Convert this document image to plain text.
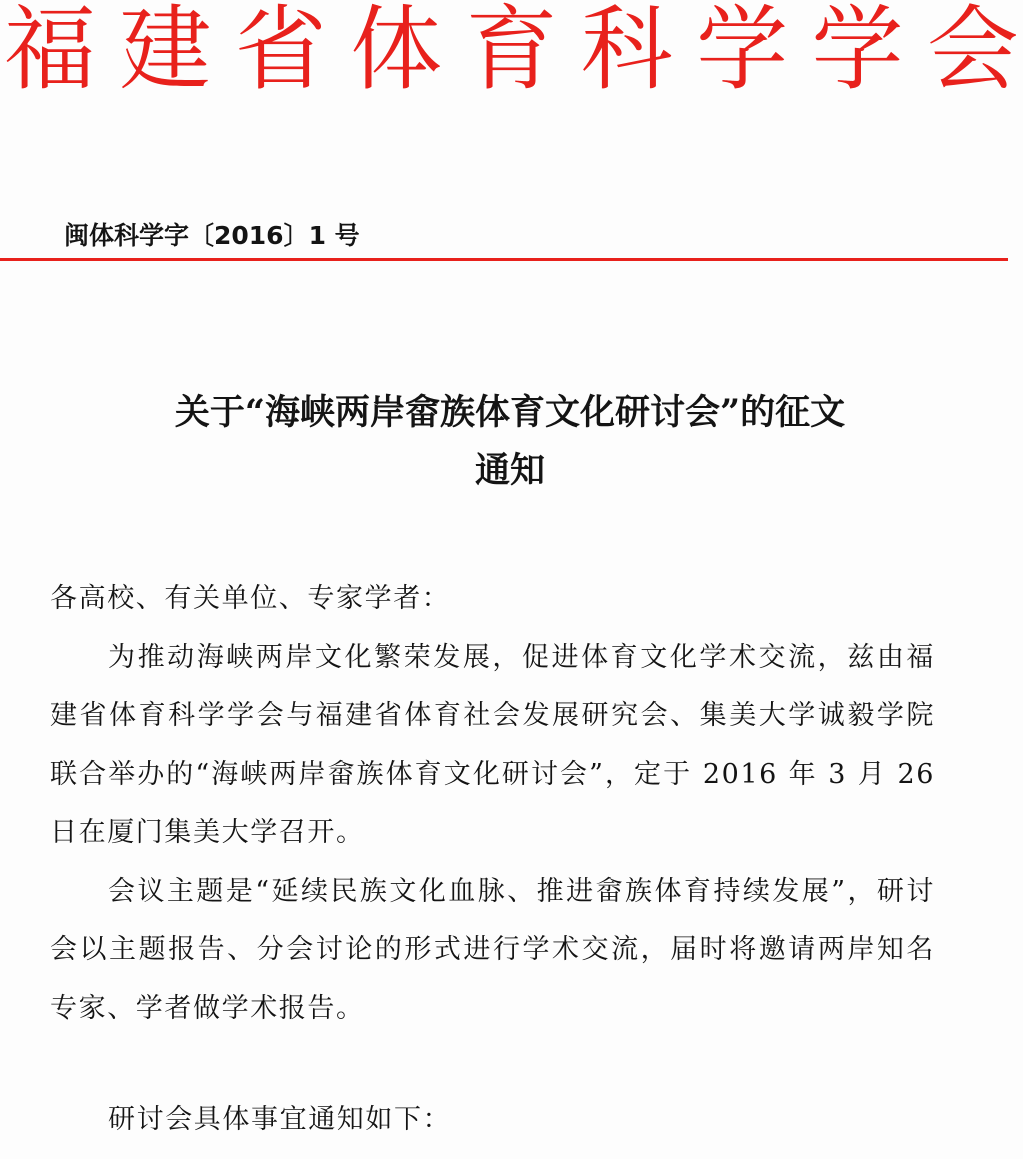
福 建 省 体 育 科 学 学 会
闽体科学字〔2016〕1 号
关于“海峡两岸畲族体育文化研讨会”的征文
通知

各高校、有关单位、专家学者：

为推动海峡两岸文化繁荣发展，促进体育文化学术交流，兹由福建省体育科学学会与福建省体育社会发展研究会、集美大学诚毅学院联合举办的“海峡两岸畲族体育文化研讨会”，定于 2016 年 3 月 26 日在厦门集美大学召开。

会议主题是“延续民族文化血脉、推进畲族体育持续发展”，研讨会以主题报告、分会讨论的形式进行学术交流，届时将邀请两岸知名专家、学者做学术报告。

研讨会具体事宜通知如下：
